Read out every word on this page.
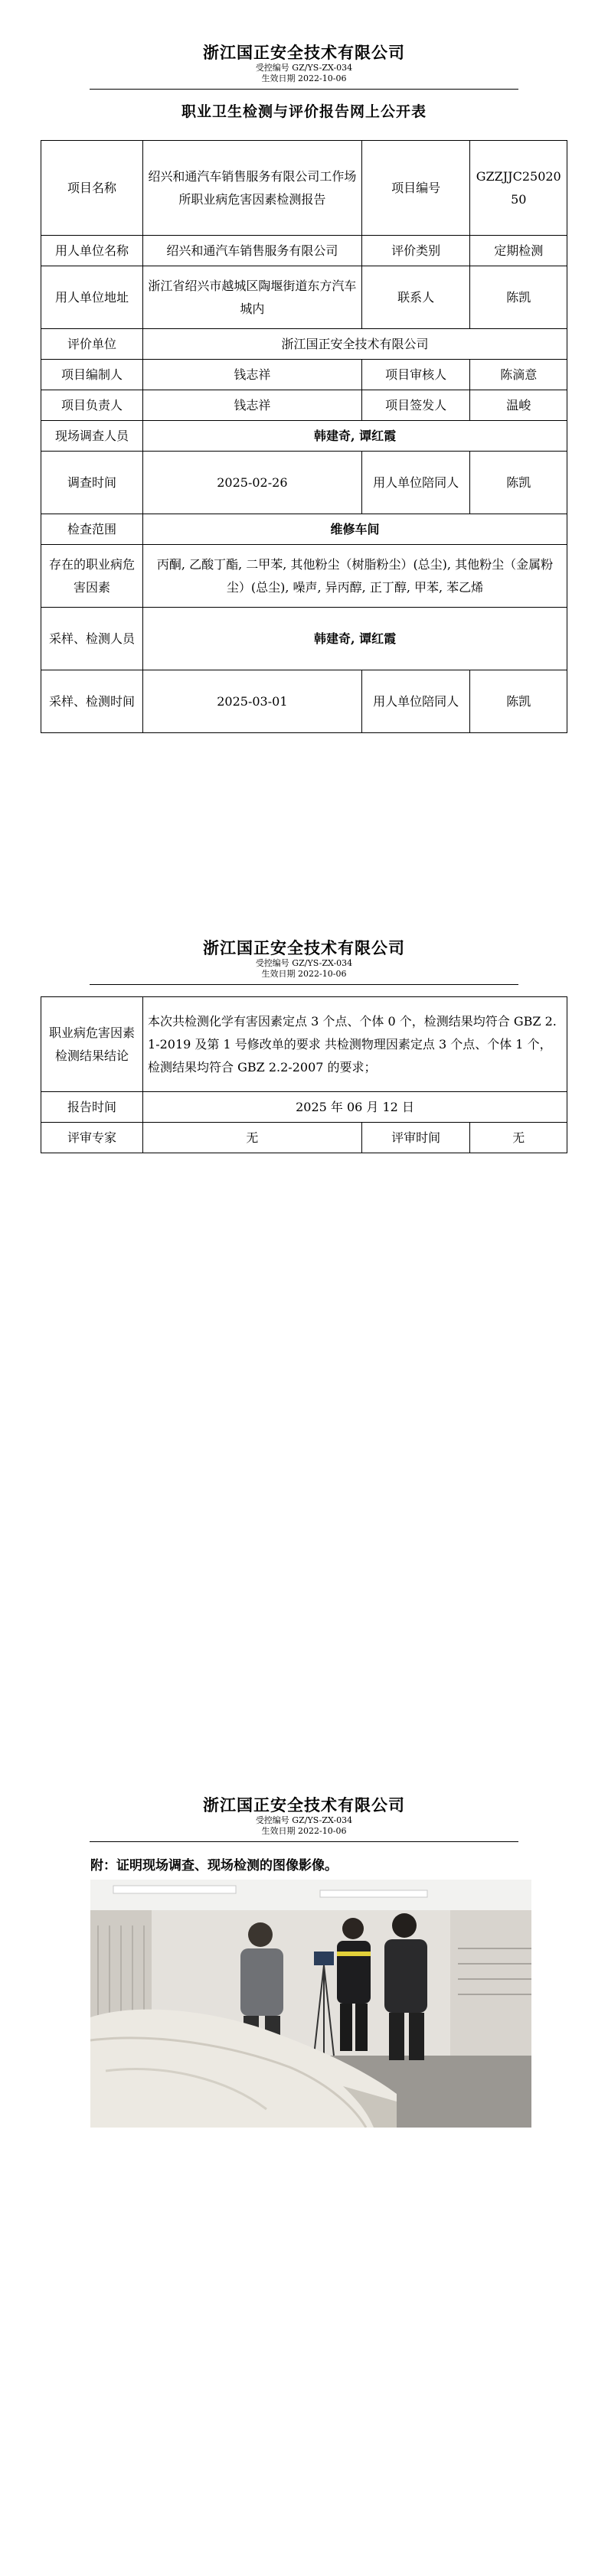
浙江国正安全技术有限公司
受控编号 GZ/YS-ZX-034
生效日期 2022-10-06
职业卫生检测与评价报告网上公开表
项目名称	绍兴和通汽车销售服务有限公司工作场所职业病危害因素检测报告	项目编号	GZZJJC2502050
用人单位名称	绍兴和通汽车销售服务有限公司	评价类别	定期检测
用人单位地址	浙江省绍兴市越城区陶堰街道东方汽车城内	联系人	陈凯
评价单位	浙江国正安全技术有限公司		
项目编制人	钱志祥	项目审核人	陈滴意
项目负责人	钱志祥	项目签发人	温峻
现场调查人员	韩建奇, 谭红霞		
调查时间	2025-02-26	用人单位陪同人	陈凯
检查范围	维修车间		
存在的职业病危害因素	丙酮, 乙酸丁酯, 二甲苯, 其他粉尘（树脂粉尘）(总尘), 其他粉尘（金属粉尘）(总尘), 噪声, 异丙醇, 正丁醇, 甲苯, 苯乙烯		
采样、检测人员	韩建奇, 谭红霞		
采样、检测时间	2025-03-01	用人单位陪同人	陈凯
浙江国正安全技术有限公司
受控编号 GZ/YS-ZX-034
生效日期 2022-10-06
职业病危害因素检测结果结论	本次共检测化学有害因素定点 3 个点、个体 0 个，检测结果均符合 GBZ 2.1-2019 及第 1 号修改单的要求 共检测物理因素定点 3 个点、个体 1 个，检测结果均符合 GBZ 2.2-2007 的要求；		
报告时间	2025 年 06 月 12 日		
评审专家	无	评审时间	无
浙江国正安全技术有限公司
受控编号 GZ/YS-ZX-034
生效日期 2022-10-06
附：证明现场调查、现场检测的图像影像。
